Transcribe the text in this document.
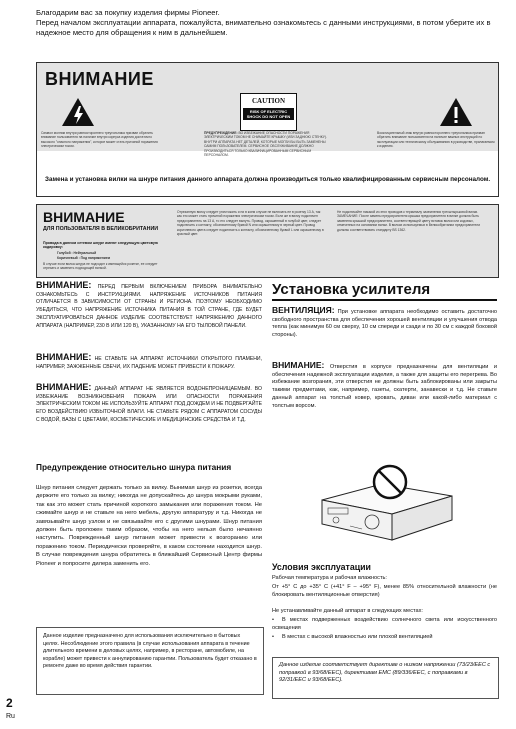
Благодарим вас за покупку изделия фирмы Pioneer.
Перед началом эксплуатации аппарата, пожалуйста, внимательно ознакомьтесь с данными инструкциями, в потом уберите их в надежное место для обращения к ним в дальнейшем.
ВНИМАНИЕ
CAUTION
RISK OF ELECTRIC SHOCK DO NOT OPEN
Символ молнии внутри равностороннего треугольника призван обратить внимание пользователя на наличие внутри корпуса изделия достаточно высокого "опасного напряжения", которое может стать причиной поражения электрическим током.
ПРЕДУПРЕЖДЕНИЕ: ВО ИЗБЕЖАНИЕ ОПАСНОСТИ ПОРАЖЕНИЯ ЭЛЕКТРИЧЕСКИМ ТОКОМ НЕ СНИМАЙТЕ КРЫШКУ (ИЛИ ЗАДНЮЮ СТЕНКУ). ВНУТРИ АППАРАТА НЕТ ДЕТАЛЕЙ, КОТОРЫЕ МОГЛИ БЫ БЫТЬ ЗАМЕНЕНЫ САМИМ ПОЛЬЗОВАТЕЛЕМ. СЕРВИСНОЕ ОБСЛУЖИВАНИЕ ДОЛЖНО ПРОИЗВОДИТЬСЯ ТОЛЬКО КВАЛИФИЦИРОВАННЫМ СЕРВИСНЫМ ПЕРСОНАЛОМ.
Восклицательный знак внутри равностороннего треугольника призван обратить внимание пользователя на наличие важных инструкций по эксплуатации или техническому обслуживанию в руководстве, прилагаемом к изделию.
Замена и установка вилки на шнуре питания данного аппарата должна производиться только квалифицированным сервисным персоналом.
ВНИМАНИЕ
ДЛЯ ПОЛЬЗОВАТЕЛЯ В ВЕЛИКОБРИТАНИИ
Провода в данном сетевом шнуре имеют следующую цветовую кодировку:
Голубой : Нейтральный
Коричневый : Под напряжением
В случае если вилка шнура не подходит к имеющейся розетке, ее следует отрезать и заменить подходящей вилкой.
Отрезанную вилку следует уничтожить и ни в коем случае не включать ее в розетку 13 А, так как это может стать причиной поражения электрическим током. Если же в вилку подключен предохранитель на 13 А, то его следует вынуть. Провод, окрашенный в голубой цвет, следует подключить к контакту, обозначенному буквой N или окрашенному в черный цвет. Провод коричневого цвета следует подключить к контакту, обозначенному буквой L или окрашенному в красный цвет.
Не подключайте никакой из этих проводов к терминалу заземления трехштырьковой вилки. ЗАМЕЧАНИЕ: После замены предохранителя крышка предохранителя в вилке должна быть заменена крышкой предохранителя, соответствующей цвету вставок вилки или кодовых, отмеченных на основании вилки. В вилках используемых в Великобритании предохранители должны соответствовать стандарту BS 1362.
ВНИМАНИЕ: ПЕРЕД ПЕРВЫМ ВКЛЮЧЕНИЕМ ПРИБОРА ВНИМАТЕЛЬНО ОЗНАКОМЬТЕСЬ С ИНСТРУКЦИЯМИ. НАПРЯЖЕНИЕ ИСТОЧНИКОВ ПИТАНИЯ ОТЛИЧАЕТСЯ В ЗАВИСИМОСТИ ОТ СТРАНЫ И РЕГИОНА. ПОЭТОМУ НЕОБХОДИМО УБЕДИТЬСЯ, ЧТО НАПРЯЖЕНИЕ ИСТОЧНИКА ПИТАНИЯ В ТОЙ СТРАНЕ, ГДЕ БУДЕТ ЭКСПЛУАТИРОВАТЬСЯ ДАННОЕ ИЗДЕЛИЕ СООТВЕТСТВУЕТ НАПРЯЖЕНИЮ ДАННОГО АППАРАТА (НАПРИМЕР, 230 В ИЛИ 120 В), УКАЗАННОМУ НА ЕГО ТЫЛОВОЙ ПАНЕЛИ.
ВНИМАНИЕ: НЕ СТАВЬТЕ НА АППАРАТ ИСТОЧНИКИ ОТКРЫТОГО ПЛАМЕНИ, НАПРИМЕР, ЗАЖЖЕННЫЕ СВЕЧИ, ИХ ПАДЕНИЕ МОЖЕТ ПРИВЕСТИ К ПОЖАРУ.
ВНИМАНИЕ: ДАННЫЙ АППАРАТ НЕ ЯВЛЯЕТСЯ ВОДОНЕПРОНИЦАЕМЫМ. ВО ИЗБЕЖАНИЕ ВОЗНИКНОВЕНИЯ ПОЖАРА ИЛИ ОПАСНОСТИ ПОРАЖЕНИЯ ЭЛЕКТРИЧЕСКИМ ТОКОМ НЕ ИСПОЛЬЗУЙТЕ АППАРАТ ПОД ДОЖДЕМ И НЕ ПОДВЕРГАЙТЕ ЕГО ВОЗДЕЙСТВИЮ ИЗБЫТОЧНОЙ ВЛАГИ. НЕ СТАВЬТЕ РЯДОМ С АППАРАТОМ СОСУДЫ С ВОДОЙ, ВАЗЫ С ЦВЕТАМИ, КОСМЕТИЧЕСКИЕ И МЕДИЦИНСКИЕ СРЕДСТВА И Т.Д.
Предупреждение относительно шнура питания
Шнур питания следует держать только за вилку. Вынимая шнур из розетки, всегда держите его только за вилку; никогда не допускайтесь до шнура мокрыми руками, так как это может стать причиной короткого замыкания или поражения током. Не сжимайте шнур и не ставьте на него мебель, другую аппаратуру и т.д. Никогда не завязывайте шнур узлом и не связывайте его с другими шнурами. Шнур питания должен быть проложен таким образом, чтобы на него нельзя было нечаянно наступить. Поврежденный шнур питания может привести к возгоранию или поражению током. Периодически проверяйте, в каком состоянии находится шнур. В случае повреждения шнура обратитесь в ближайший Сервисный Центр фирмы Pioneer и попросите дилера заменить его.
Данное изделие предназначено для использования исключительно в бытовых целях. Несоблюдение этого правила (в случае использования аппарата в течение длительного времени в деловых целях, например, в ресторане, автомобиле, на корабле) может привести к аннулированию гарантии. Пользователь будет отказано в ремонте даже во время действия гарантии.
Установка усилителя
ВЕНТИЛЯЦИЯ: При установке аппарата необходимо оставить достаточно свободного пространства для обеспечения хорошей вентиляции и улучшения отвода тепла (как минимум 60 см сверху, 10 см спереди и сзади и по 30 см с каждой боковой стороны).
ВНИМАНИЕ: Отверстия в корпусе предназначены для вентиляции и обеспечения надежной эксплуатации изделия, а также для защиты его перегрева. Во избежание возгорания, эти отверстия не должны быть заблокированы или закрыты такими предметами, как, например, газеты, скатерти, занавески и т.д. Не ставьте данный аппарат на толстый ковер, кровать, диван или какой-либо материал с толстым ворсом.
Условия эксплуатации
Рабочая температура и рабочая влажность:
От +5° C до +35° C (+41° F – +95° F), менее 85% относительной влажности (не блокировать вентиляционные отверстия)
Не устанавливайте данный аппарат в следующих местах:
• В местах подверженных воздействию солнечного света или искусственного освещения
• В местах с высокой влажностью или плохой вентиляцией
Данное изделие соответствует директиве о низком напряжении (73/23/EEC с поправкой в 93/68/EEC), директивам EMC (89/336/EEC, с поправками в 92/31/EEC и 93/68/EEC).
2
Ru
